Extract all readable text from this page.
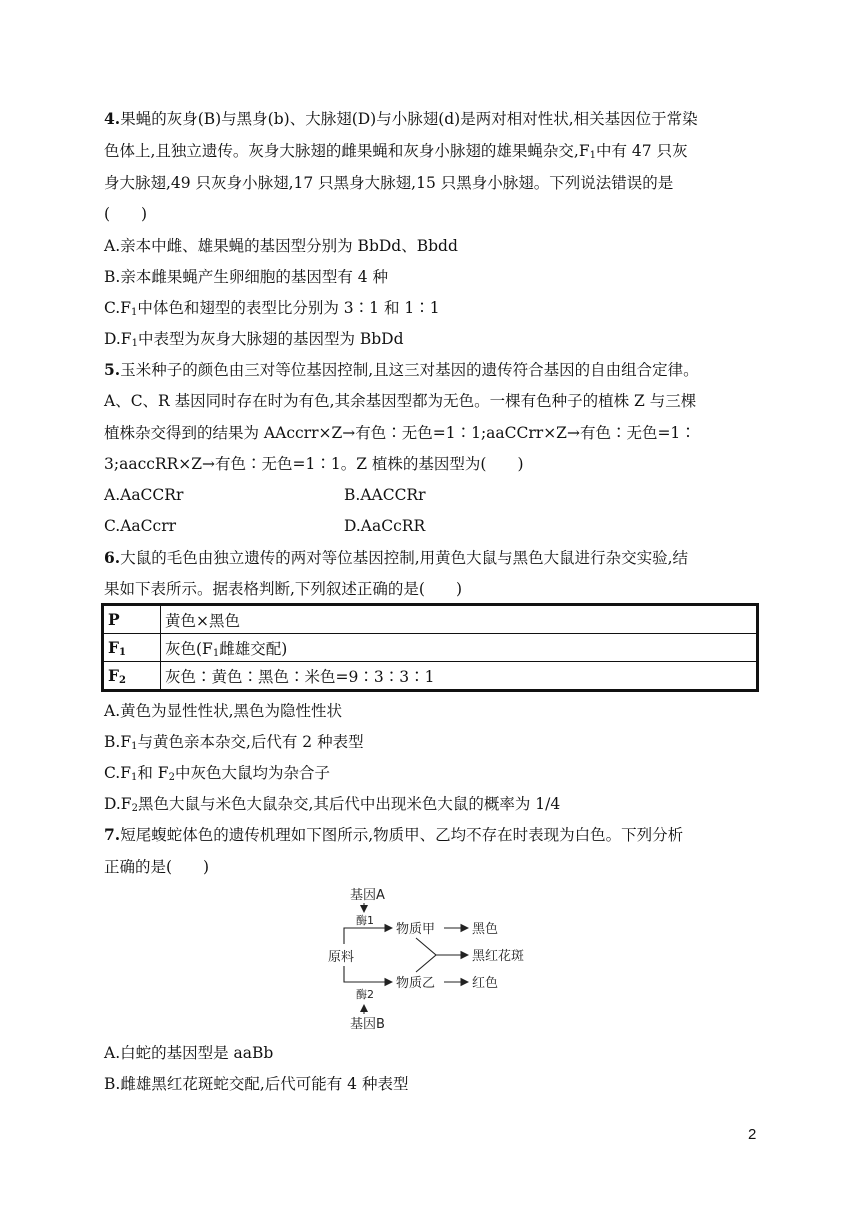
4.果蝇的灰身(B)与黑身(b)、大脉翅(D)与小脉翅(d)是两对相对性状,相关基因位于常染
色体上,且独立遗传。灰身大脉翅的雌果蝇和灰身小脉翅的雄果蝇杂交$,F_1$中有 47 只灰
身大脉翅,49 只灰身小脉翅,17 只黑身大脉翅,15 只黑身小脉翅。下列说法错误的是
(　　)
A.亲本中雌、雄果蝇的基因型分别为 BbDd、Bbdd
B.亲本雌果蝇产生卵细胞的基因型有 4 种
$C.F_1$中体色和翅型的表型比分别为 3∶1 和 1∶1
$D.F_1$中表型为灰身大脉翅的基因型为 BbDd
5.玉米种子的颜色由三对等位基因控制,且这三对基因的遗传符合基因的自由组合定律。
A、C、R 基因同时存在时为有色,其余基因型都为无色。一棵有色种子的植株 Z 与三棵
植株杂交得到的结果为 AAccrr×Z→有色∶无色=1∶1;aaCCrr×Z→有色∶无色=1∶
3;aaccRR×Z→有色∶无色=1∶1。Z 植株的基因型为(　　)
A.AaCCRr	B.AACCRr
C.AaCcrr	D.AaCcRR
6.大鼠的毛色由独立遗传的两对等位基因控制,用黄色大鼠与黑色大鼠进行杂交实验,结
果如下表所示。据表格判断,下列叙述正确的是(　　)
P	黄色×黑色
$F_1$	灰色($F_1$雌雄交配)
$F_2$	灰色∶黄色∶黑色∶米色=9∶3∶3∶1
A.黄色为显性性状,黑色为隐性性状
$B.F_1$与黄色亲本杂交,后代有 2 种表型
$C.F_1$和 $F_2$中灰色大鼠均为杂合子
$D.F_2$黑色大鼠与米色大鼠杂交,其后代中出现米色大鼠的概率为 1/4
7.短尾蝮蛇体色的遗传机理如下图所示,物质甲、乙均不存在时表现为白色。下列分析
正确的是(　　)
基因A
酶1
物质甲	黑色
原料	黑红花斑
物质乙	红色
酶2
基因B
A.白蛇的基因型是 aaBb
B.雌雄黑红花斑蛇交配,后代可能有 4 种表型
2
